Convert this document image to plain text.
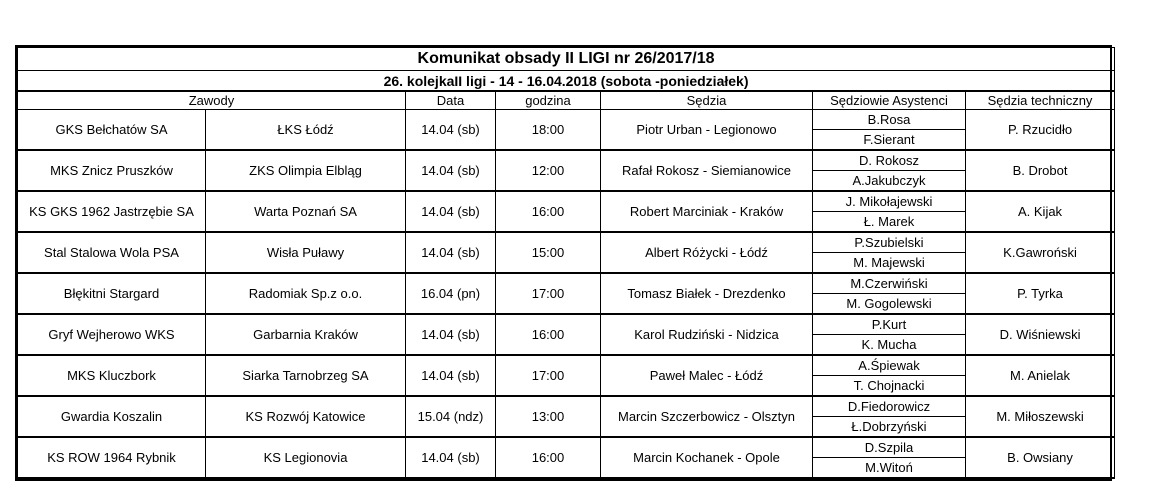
Komunikat obsady II LIGI nr 26/2017/18						
26. kolejkaII ligi - 14 - 16.04.2018 (sobota -poniedziałek)						
Zawody		Data	godzina	Sędzia	Sędziowie Asystenci	Sędzia techniczny
GKS Bełchatów SA	ŁKS Łódź	14.04 (sb)	18:00	Piotr Urban - Legionowo	B.Rosa	P. Rzucidło
					F.Sierant	
MKS Znicz Pruszków	ZKS Olimpia Elbląg	14.04 (sb)	12:00	Rafał Rokosz - Siemianowice	D. Rokosz	B. Drobot
					A.Jakubczyk	
KS GKS 1962 Jastrzębie SA	Warta Poznań SA	14.04 (sb)	16:00	Robert Marciniak - Kraków	J. Mikołajewski	A. Kijak
					Ł. Marek	
Stal Stalowa Wola PSA	Wisła Puławy	14.04 (sb)	15:00	Albert Różycki - Łódź	P.Szubielski	K.Gawroński
					M. Majewski	
Błękitni Stargard	Radomiak Sp.z o.o.	16.04 (pn)	17:00	Tomasz Białek - Drezdenko	M.Czerwiński	P. Tyrka
					M. Gogolewski	
Gryf Wejherowo WKS	Garbarnia Kraków	14.04 (sb)	16:00	Karol Rudziński - Nidzica	P.Kurt	D. Wiśniewski
					K. Mucha	
MKS Kluczbork	Siarka Tarnobrzeg SA	14.04 (sb)	17:00	Paweł Malec - Łódź	A.Śpiewak	M. Anielak
					T. Chojnacki	
Gwardia Koszalin	KS Rozwój Katowice	15.04 (ndz)	13:00	Marcin Szczerbowicz - Olsztyn	D.Fiedorowicz	M. Miłoszewski
					Ł.Dobrzyński	
KS ROW 1964 Rybnik	KS Legionovia	14.04 (sb)	16:00	Marcin Kochanek - Opole	D.Szpila	B. Owsiany
					M.Witoń	
